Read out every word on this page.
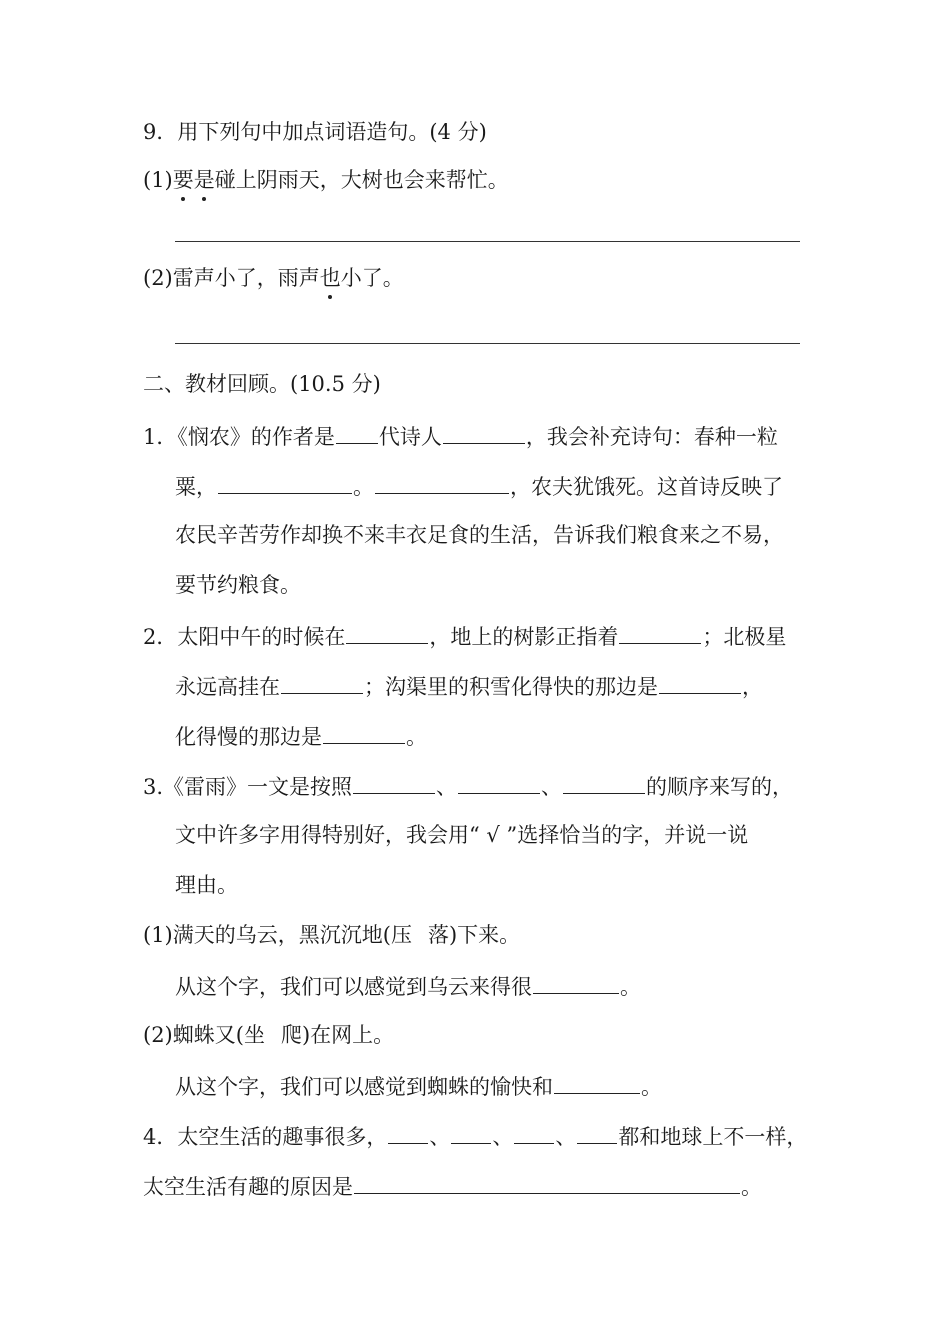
9．用下列句中加点词语造句。(4 分)
(1)要是碰上阴雨天，大树也会来帮忙。
(2)雷声小了，雨声也小了。
二、教材回顾。(10.5 分)
1．《悯农》的作者是 代诗人	，我会补充诗句：春种一粒
粟，	。	，农夫犹饿死。这首诗反映了
农民辛苦劳作却换不来丰衣足食的生活，告诉我们粮食来之不易，
要节约粮食。
2．太阳中午的时候在	，地上的树影正指着	；北极星
永远高挂在	；沟渠里的积雪化得快的那边是	，
化得慢的那边是	。
3.《雷雨》一文是按照	、	、	的顺序来写的，
文中许多字用得特别好，我会用“ √ ”选择恰当的字，并说一说
理由。
(1)满天的乌云，黑沉沉地(压 落)下来。
从这个字，我们可以感觉到乌云来得很	。
(2)蜘蛛又(坐 爬)在网上。
从这个字，我们可以感觉到蜘蛛的愉快和	。
4．太空生活的趣事很多， 、 、 、 都和地球上不一样，
太空生活有趣的原因是	。
